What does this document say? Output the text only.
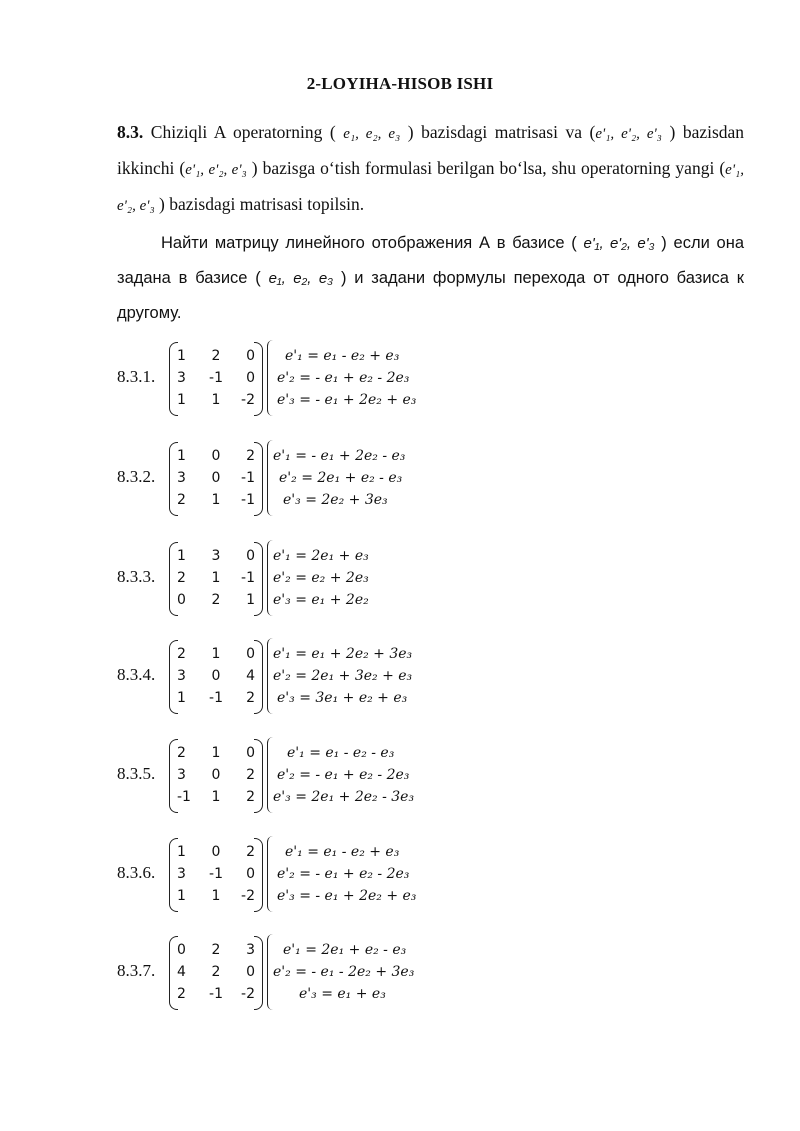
2-LOYIHA-HISOB ISHI

8.3. Chiziqli A operatorning ( e₁, e₂, e₃ ) bazisdagi matrisasi va (e'₁, e'₂, e'₃ ) bazisdan ikkinchi (e'₁, e'₂, e'₃ ) bazisga o‘tish formulasi berilgan bo‘lsa, shu operatorning yangi (e'₁, e'₂, e'₃ ) bazisdagi matrisasi topilsin.

Найти матрицу линейного отображения А в базисе ( e'₁, e'₂, e'₃ ) если она задана в базисе ( e₁, e₂, e₃ ) и задани формулы перехода от одного базиса к другому.

8.3.1.
1	2	0
3	-1	0
1	1	-2
e'₁ = e₁ - e₂ + e₃
e'₂ = - e₁ + e₂ - 2e₃
e'₃ = - e₁ + 2e₂ + e₃
8.3.2.
1	0	2
3	0	-1
2	1	-1
e'₁ = - e₁ + 2e₂ - e₃
e'₂ = 2e₁ + e₂ - e₃
e'₃ = 2e₂ + 3e₃
8.3.3.
1	3	0
2	1	-1
0	2	1
e'₁ = 2e₁ + e₃
e'₂ = e₂ + 2e₃
e'₃ = e₁ + 2e₂
8.3.4.
2	1	0
3	0	4
1	-1	2
e'₁ = e₁ + 2e₂ + 3e₃
e'₂ = 2e₁ + 3e₂ + e₃
e'₃ = 3e₁ + e₂ + e₃
8.3.5.
2	1	0
3	0	2
-1	1	2
e'₁ = e₁ - e₂ - e₃
e'₂ = - e₁ + e₂ - 2e₃
e'₃ = 2e₁ + 2e₂ - 3e₃
8.3.6.
1	0	2
3	-1	0
1	1	-2
e'₁ = e₁ - e₂ + e₃
e'₂ = - e₁ + e₂ - 2e₃
e'₃ = - e₁ + 2e₂ + e₃
8.3.7.
0	2	3
4	2	0
2	-1	-2
e'₁ = 2e₁ + e₂ - e₃
e'₂ = - e₁ - 2e₂ + 3e₃
e'₃ = e₁ + e₃
